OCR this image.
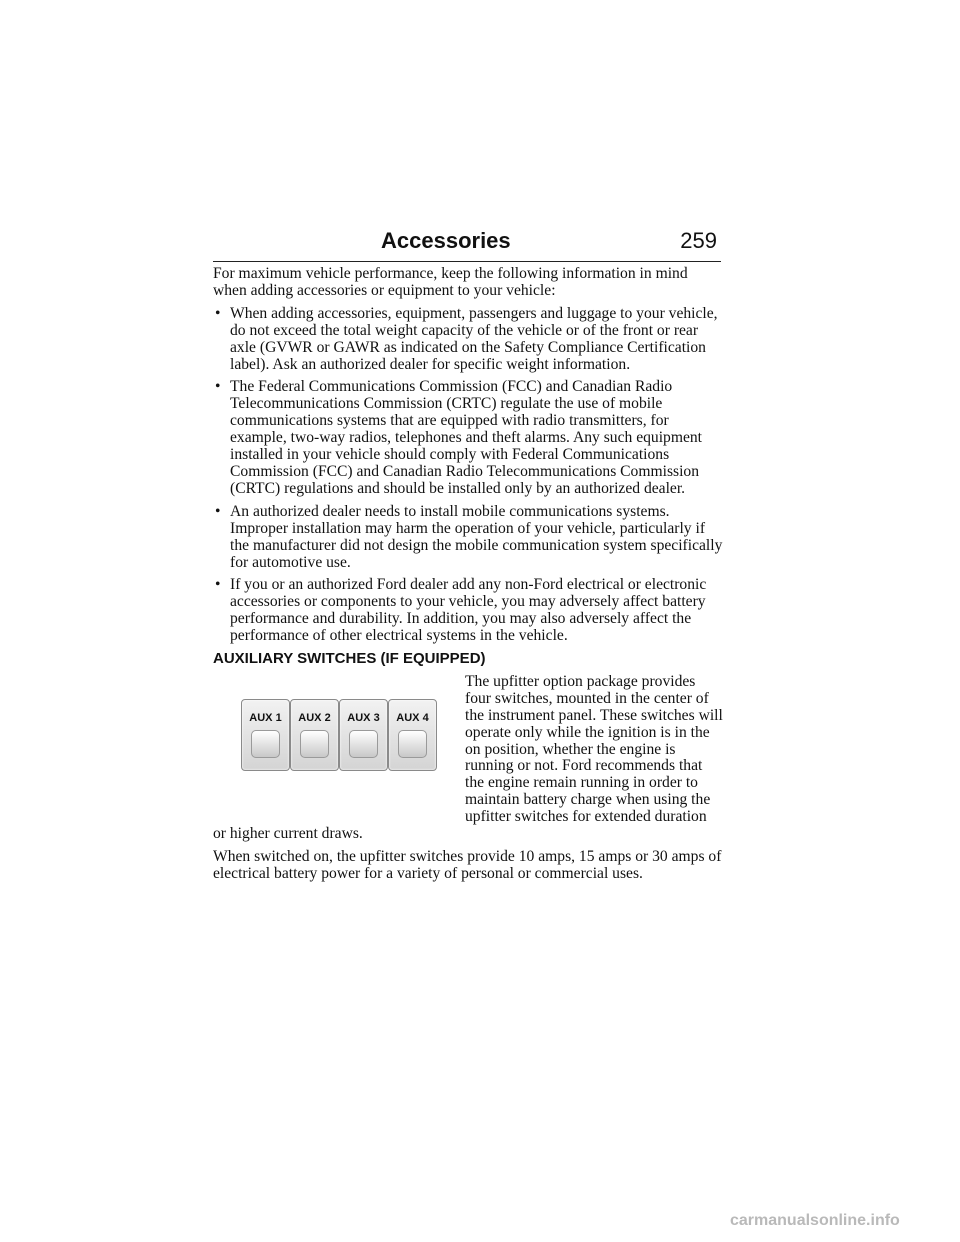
Accessories	259

For maximum vehicle performance, keep the following information in mind when adding accessories or equipment to your vehicle:

• When adding accessories, equipment, passengers and luggage to your vehicle, do not exceed the total weight capacity of the vehicle or of the front or rear axle (GVWR or GAWR as indicated on the Safety Compliance Certification label). Ask an authorized dealer for specific weight information.
• The Federal Communications Commission (FCC) and Canadian Radio Telecommunications Commission (CRTC) regulate the use of mobile communications systems that are equipped with radio transmitters, for example, two-way radios, telephones and theft alarms. Any such equipment installed in your vehicle should comply with Federal Communications Commission (FCC) and Canadian Radio Telecommunications Commission (CRTC) regulations and should be installed only by an authorized dealer.
• An authorized dealer needs to install mobile communications systems. Improper installation may harm the operation of your vehicle, particularly if the manufacturer did not design the mobile communication system specifically for automotive use.
• If you or an authorized Ford dealer add any non-Ford electrical or electronic accessories or components to your vehicle, you may adversely affect battery performance and durability. In addition, you may also adversely affect the performance of other electrical systems in the vehicle.
AUXILIARY SWITCHES (IF EQUIPPED)
AUX 1	AUX 2	AUX 3	AUX 4

The upfitter option package provides four switches, mounted in the center of the instrument panel. These switches will operate only while the ignition is in the on position, whether the engine is running or not. Ford recommends that the engine remain running in order to maintain battery charge when using the upfitter switches for extended duration or higher current draws.

When switched on, the upfitter switches provide 10 amps, 15 amps or 30 amps of electrical battery power for a variety of personal or commercial uses.

carmanualsonline.info
